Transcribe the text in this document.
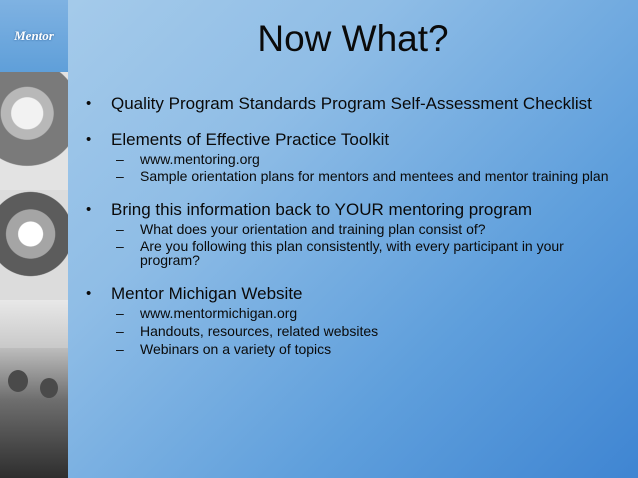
Mentor	Now What?
•	Quality Program Standards Program Self-Assessment Checklist
•	Elements of Effective Practice Toolkit
–	www.mentoring.org
–	Sample orientation plans for mentors and mentees and mentor training plan
•	Bring this information back to YOUR mentoring program
–	What does your orientation and training plan consist of?
–	Are you following this plan consistently, with every participant in your program?
•	Mentor Michigan Website
–	www.mentormichigan.org
–	Handouts, resources, related websites
–	Webinars on a variety of topics
